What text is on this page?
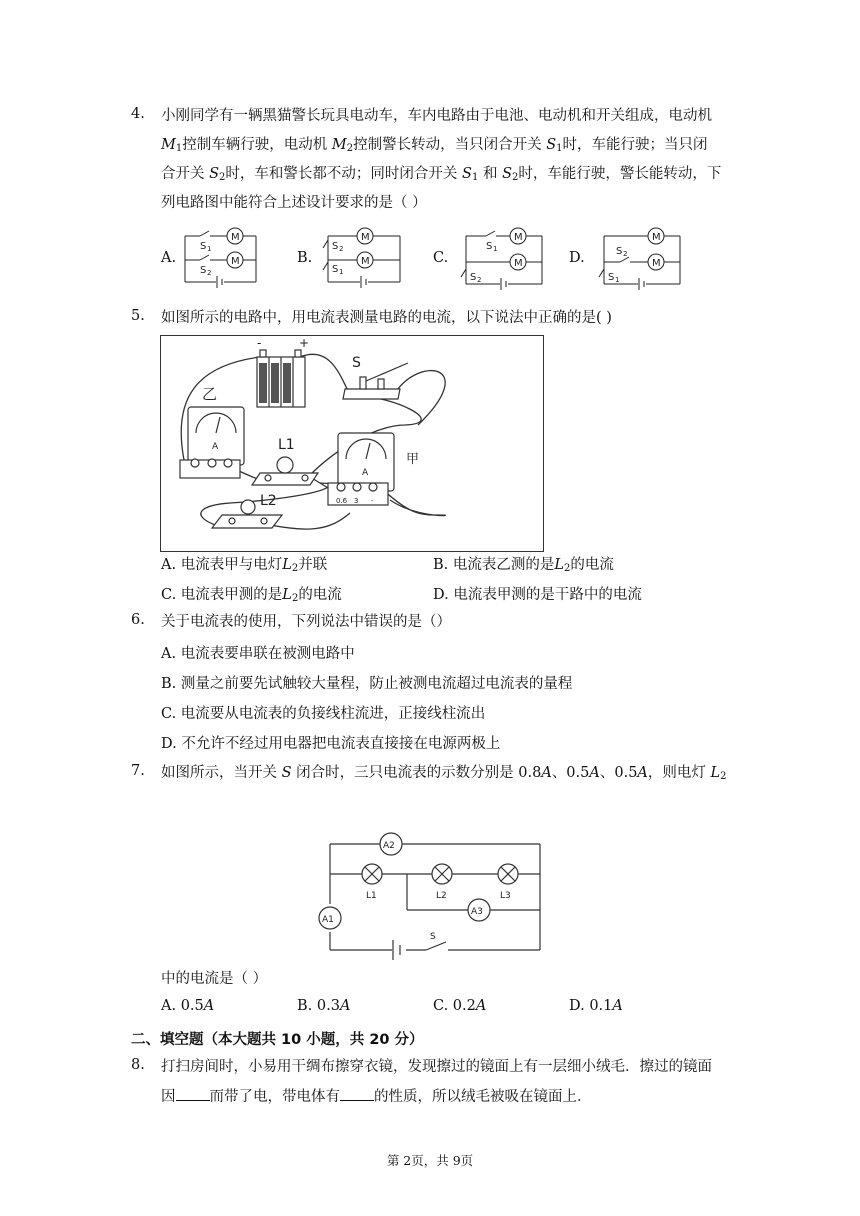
4. 小刚同学有一辆黑猫警长玩具电动车，车内电路由于电池、电动机和开关组成，电动机
$M_1$控制车辆行驶，电动机 $M_2$控制警长转动，当只闭合开关 $S_1$时，车能行驶；当只闭
合开关 $S_2$时，车和警长都不动；同时闭合开关 $S_1$ 和 $S_2$时，车能行驶，警长能转动，下
列电路图中能符合上述设计要求的是（ ）
A.	B.	C.	D.
M
M
S 1
S 2
M
M
S 2
S 1
M
M
S 1
S 2
M
M
S 2
S 1
5. 如图所示的电路中，用电流表测量电路的电流，以下说法中正确的是( )
-	+
S
乙
A
A
L1
L2
甲
0.6 3 -
A. 电流表甲与电灯$L_2$并联	B. 电流表乙测的是$L_2$的电流
C. 电流表甲测的是$L_2$的电流	D. 电流表甲测的是干路中的电流
6. 关于电流表的使用，下列说法中错误的是（）
A. 电流表要串联在被测电路中
B. 测量之前要先试触较大量程，防止被测电流超过电流表的量程
C. 电流要从电流表的负接线柱流进，正接线柱流出
D. 不允许不经过用电器把电流表直接接在电源两极上
7. 如图所示，当开关 S 闭合时，三只电流表的示数分别是 0.8A、0.5A、0.5A，则电灯 $L_2$
A2
A1
A3
L1	L2	L3
S
中的电流是（ ）
A. 0.5A	B. 0.3A	C. 0.2A	D. 0.1A
二、填空题（本大题共 10 小题，共 20 分）
8. 打扫房间时，小易用干绸布擦穿衣镜，发现擦过的镜面上有一层细小绒毛．擦过的镜面
因 而带了电，带电体有 的性质，所以绒毛被吸在镜面上．
第 2页，共 9页
